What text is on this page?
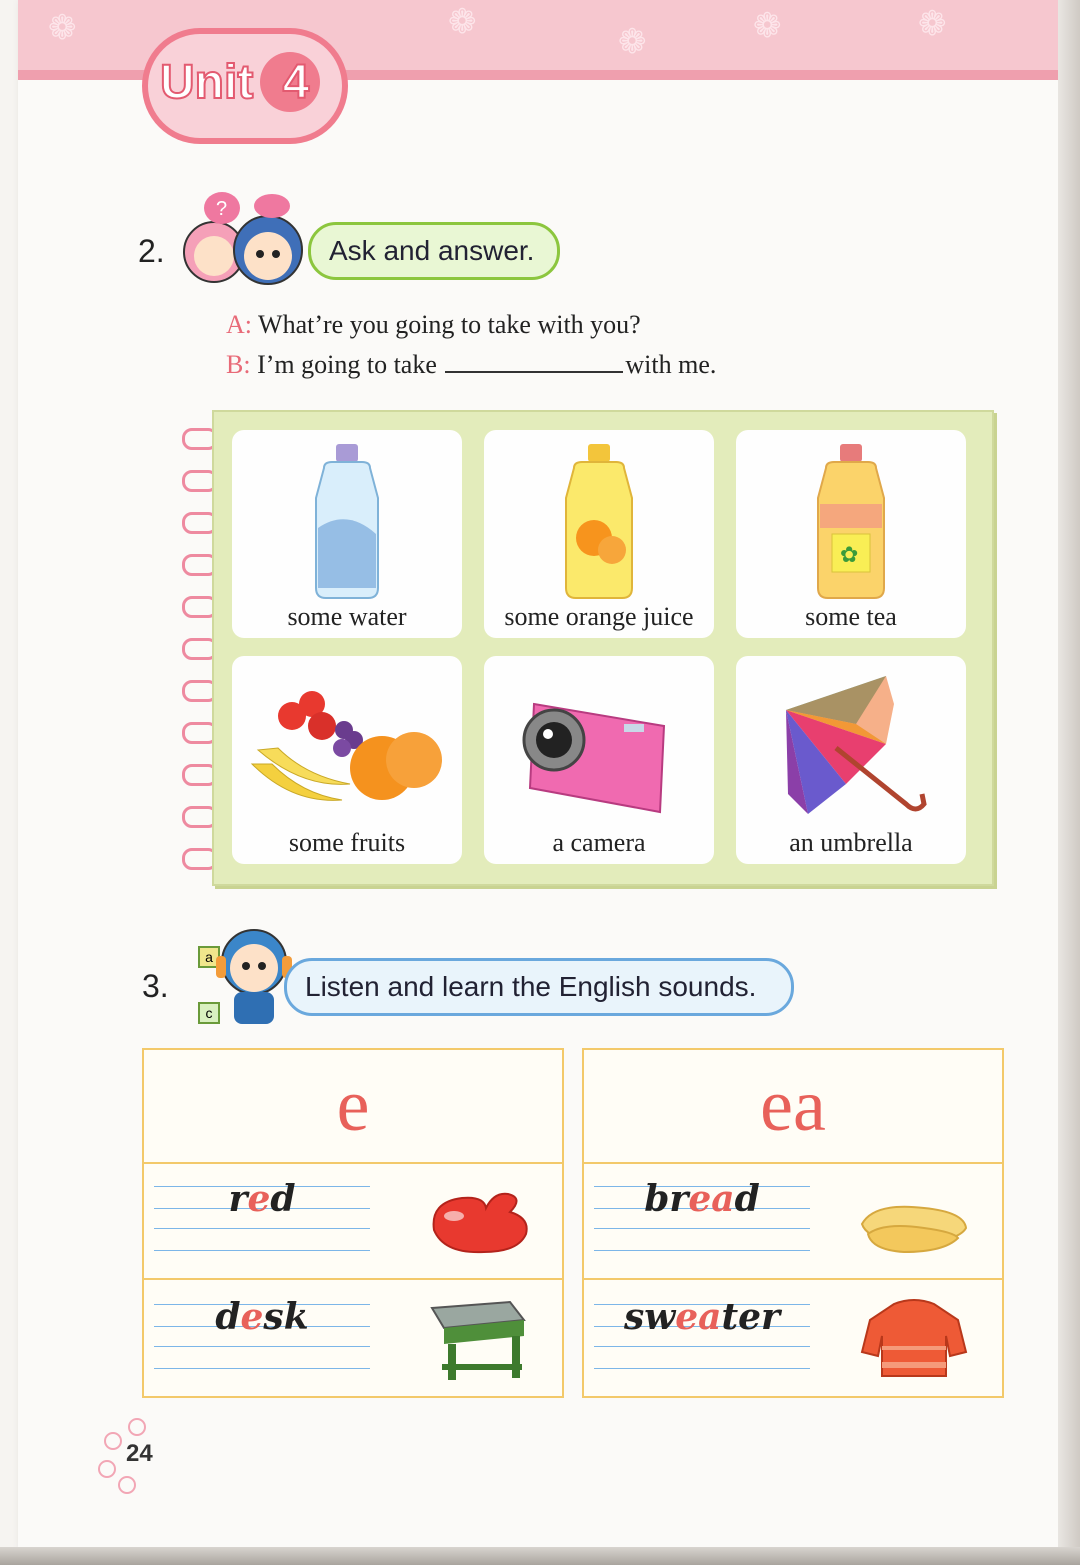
❁	❁
❁	❁	❁
Unit 4
2.
?
Ask and answer.
A: What’re you going to take with you?
B: I’m going to take	with me.
some water	some orange juice
✿
some tea
some fruits	a camera	an umbrella
3.
a
c
Listen and learn the English sounds.
e
red
desk
ea
bread
sweater
24
